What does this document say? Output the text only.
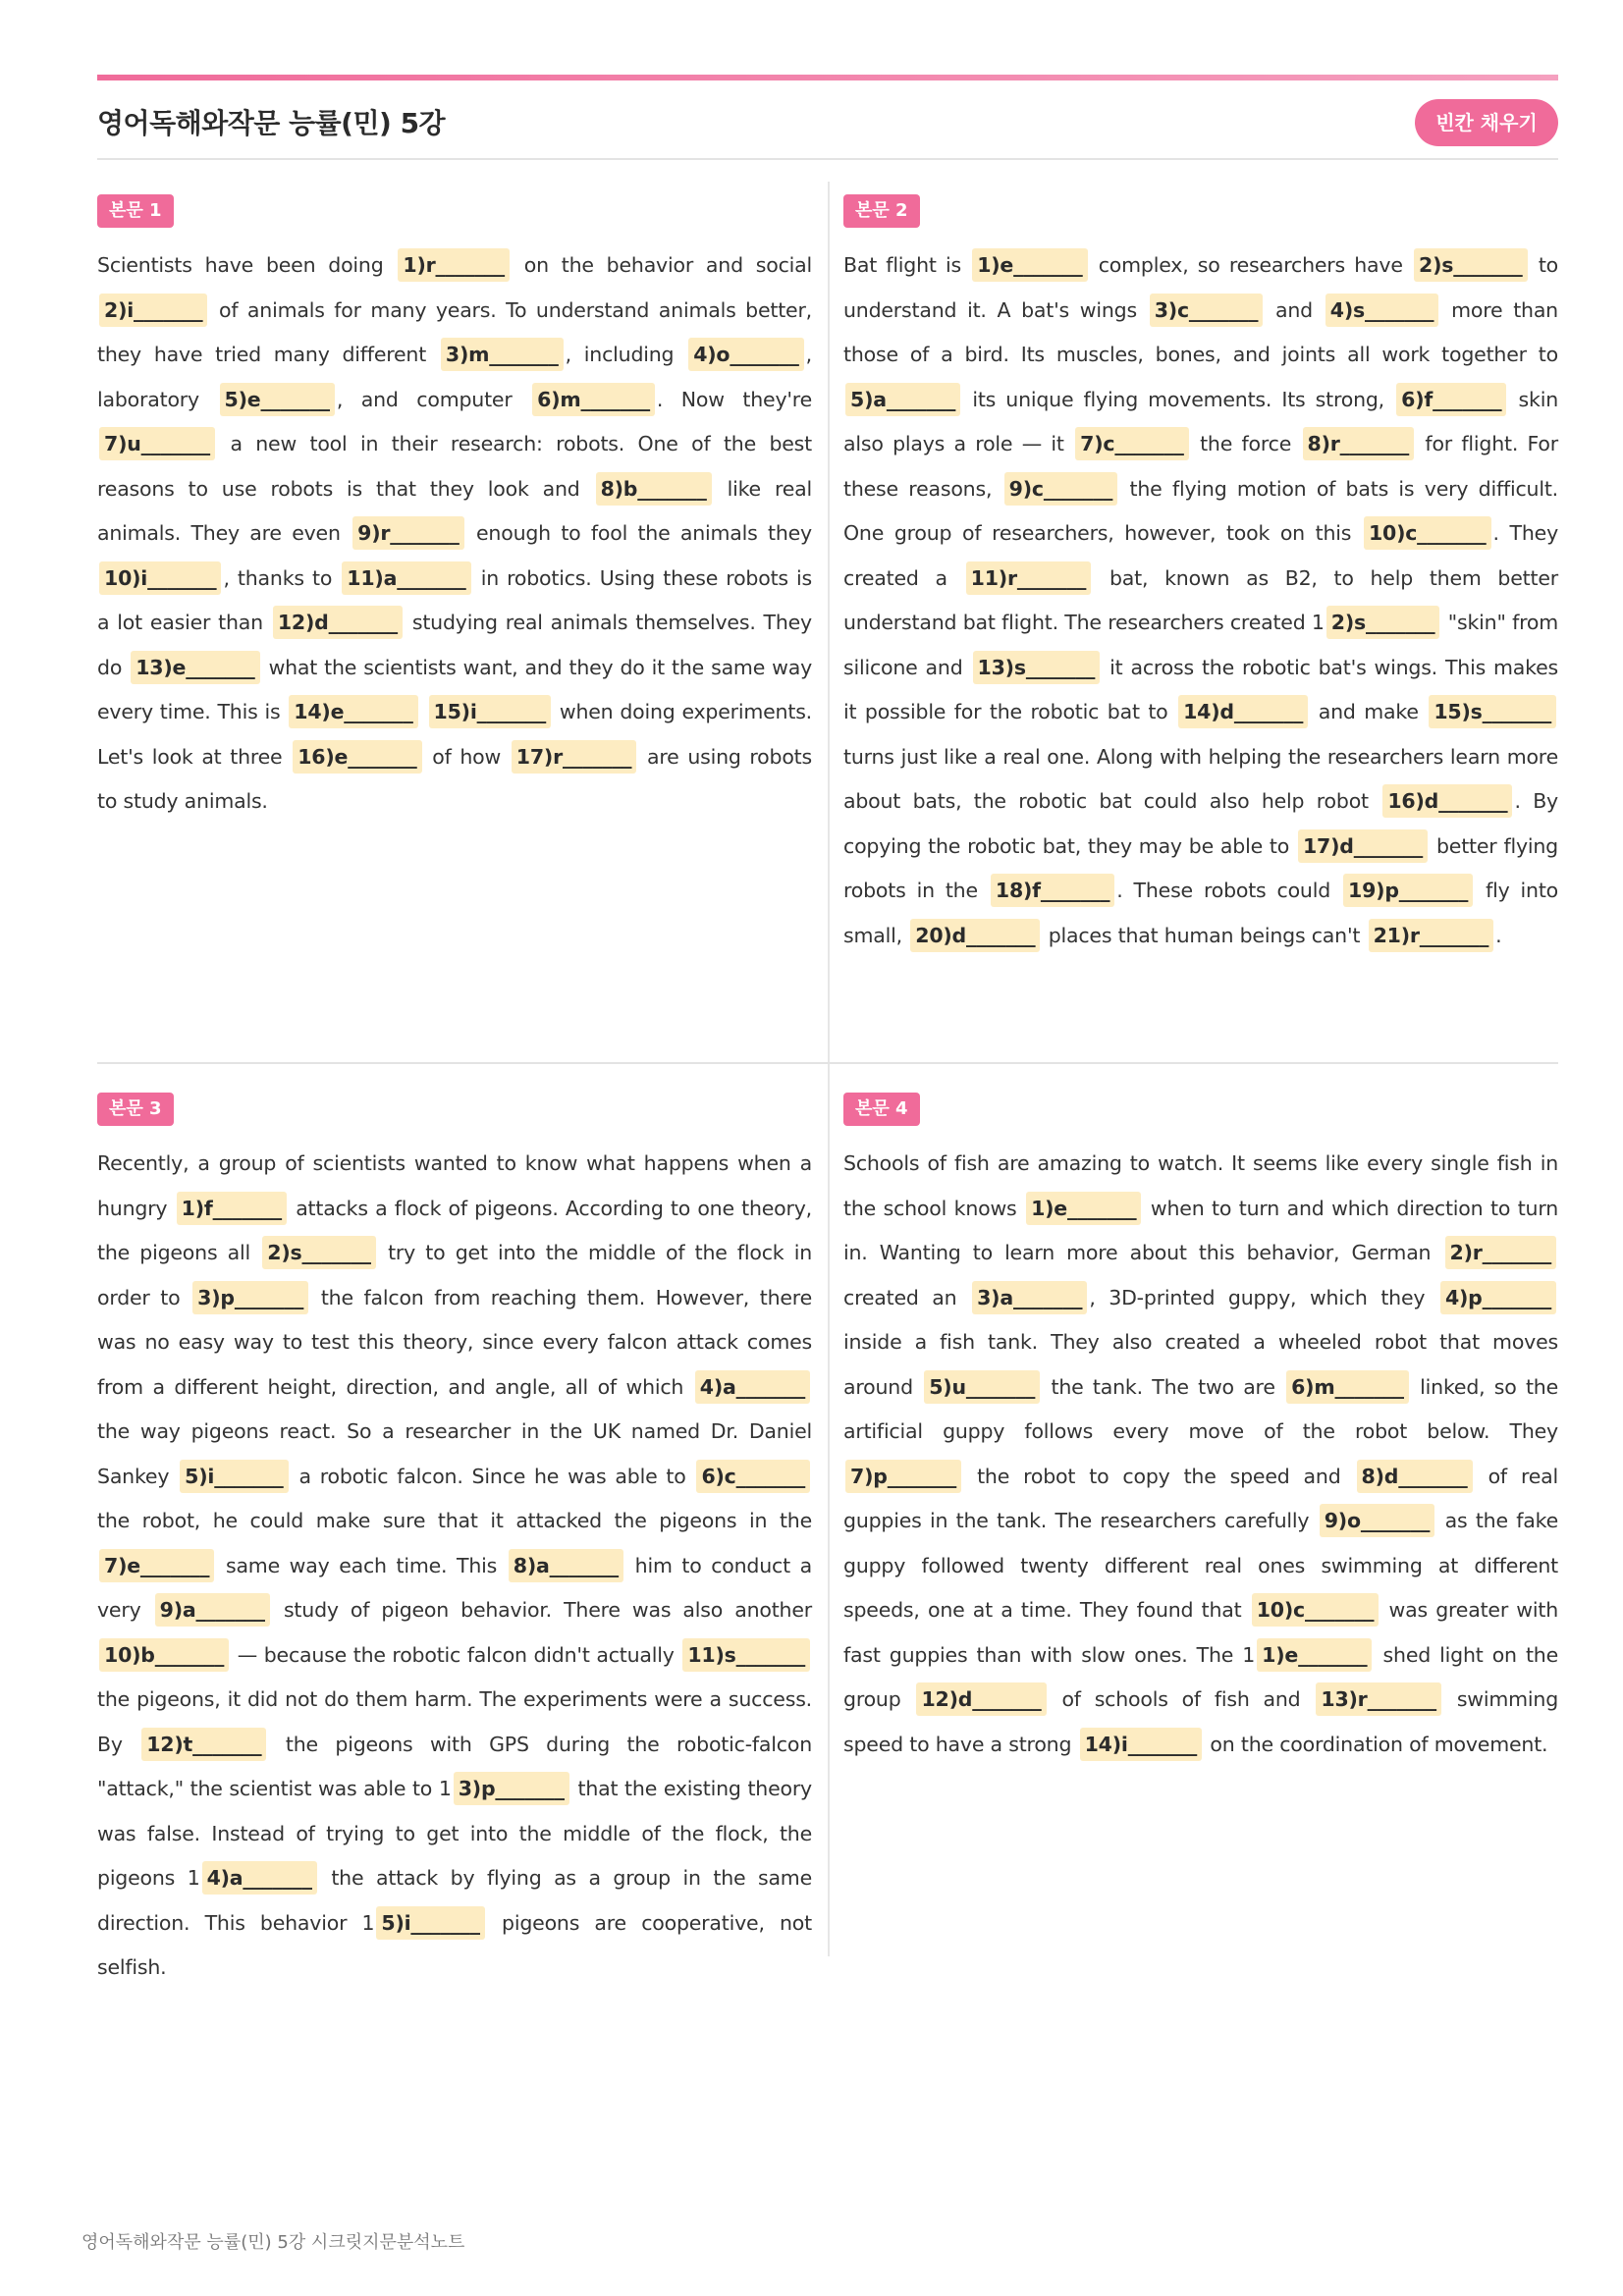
영어독해와작문 능률(민) 5강	빈칸 채우기
본문 1
Scientists have been doing 1)r_______ on the behavior and social 2)i_______ of animals for many years. To understand animals better, they have tried many different 3)m_______ , including 4)o_______ , laboratory 5)e_______ , and computer 6)m_______ . Now they're 7)u_______ a new tool in their research: robots. One of the best reasons to use robots is that they look and 8)b_______ like real animals. They are even 9)r_______ enough to fool the animals they 10)i_______ , thanks to 11)a_______ in robotics. Using these robots is a lot easier than 12)d_______ studying real animals themselves. They do 13)e_______ what the scientists want, and they do it the same way every time. This is 14)e_______ 15)i_______ when doing experiments. Let's look at three 16)e_______ of how 17)r_______ are using robots to study animals.
본문 2
Bat flight is 1)e_______ complex, so researchers have 2)s_______ to understand it. A bat's wings 3)c_______ and 4)s_______ more than those of a bird. Its muscles, bones, and joints all work together to 5)a_______ its unique flying movements. Its strong, 6)f_______ skin also plays a role — it 7)c_______ the force 8)r_______ for flight. For these reasons, 9)c_______ the flying motion of bats is very difficult. One group of researchers, however, took on this 10)c_______ . They created a 11)r_______ bat, known as B2, to help them better understand bat flight. The researchers created 1 2)s_______ "skin" from silicone and 13)s_______ it across the robotic bat's wings. This makes it possible for the robotic bat to 14)d_______ and make 15)s_______ turns just like a real one. Along with helping the researchers learn more about bats, the robotic bat could also help robot 16)d_______ . By copying the robotic bat, they may be able to 17)d_______ better flying robots in the 18)f_______ . These robots could 19)p_______ fly into small, 20)d_______ places that human beings can't 21)r_______ .
본문 3
Recently, a group of scientists wanted to know what happens when a hungry 1)f_______ attacks a flock of pigeons. According to one theory, the pigeons all 2)s_______ try to get into the middle of the flock in order to 3)p_______ the falcon from reaching them. However, there was no easy way to test this theory, since every falcon attack comes from a different height, direction, and angle, all of which 4)a_______ the way pigeons react. So a researcher in the UK named Dr. Daniel Sankey 5)i_______ a robotic falcon. Since he was able to 6)c_______ the robot, he could make sure that it attacked the pigeons in the 7)e_______ same way each time. This 8)a_______ him to conduct a very 9)a_______ study of pigeon behavior. There was also another 10)b_______ — because the robotic falcon didn't actually 11)s_______ the pigeons, it did not do them harm. The experiments were a success. By 12)t_______ the pigeons with GPS during the robotic-falcon "attack," the scientist was able to 1 3)p_______ that the existing theory was false. Instead of trying to get into the middle of the flock, the pigeons 1 4)a_______ the attack by flying as a group in the same direction. This behavior 1 5)i_______ pigeons are cooperative, not selfish.
본문 4
Schools of fish are amazing to watch. It seems like every single fish in the school knows 1)e_______ when to turn and which direction to turn in. Wanting to learn more about this behavior, German 2)r_______ created an 3)a_______ , 3D-printed guppy, which they 4)p_______ inside a fish tank. They also created a wheeled robot that moves around 5)u_______ the tank. The two are 6)m_______ linked, so the artificial guppy follows every move of the robot below. They 7)p_______ the robot to copy the speed and 8)d_______ of real guppies in the tank. The researchers carefully 9)o_______ as the fake guppy followed twenty different real ones swimming at different speeds, one at a time. They found that 10)c_______ was greater with fast guppies than with slow ones. The 1 1)e_______ shed light on the group 12)d_______ of schools of fish and 13)r_______ swimming speed to have a strong 14)i_______ on the coordination of movement.
영어독해와작문 능률(민) 5강 시크릿지문분석노트
